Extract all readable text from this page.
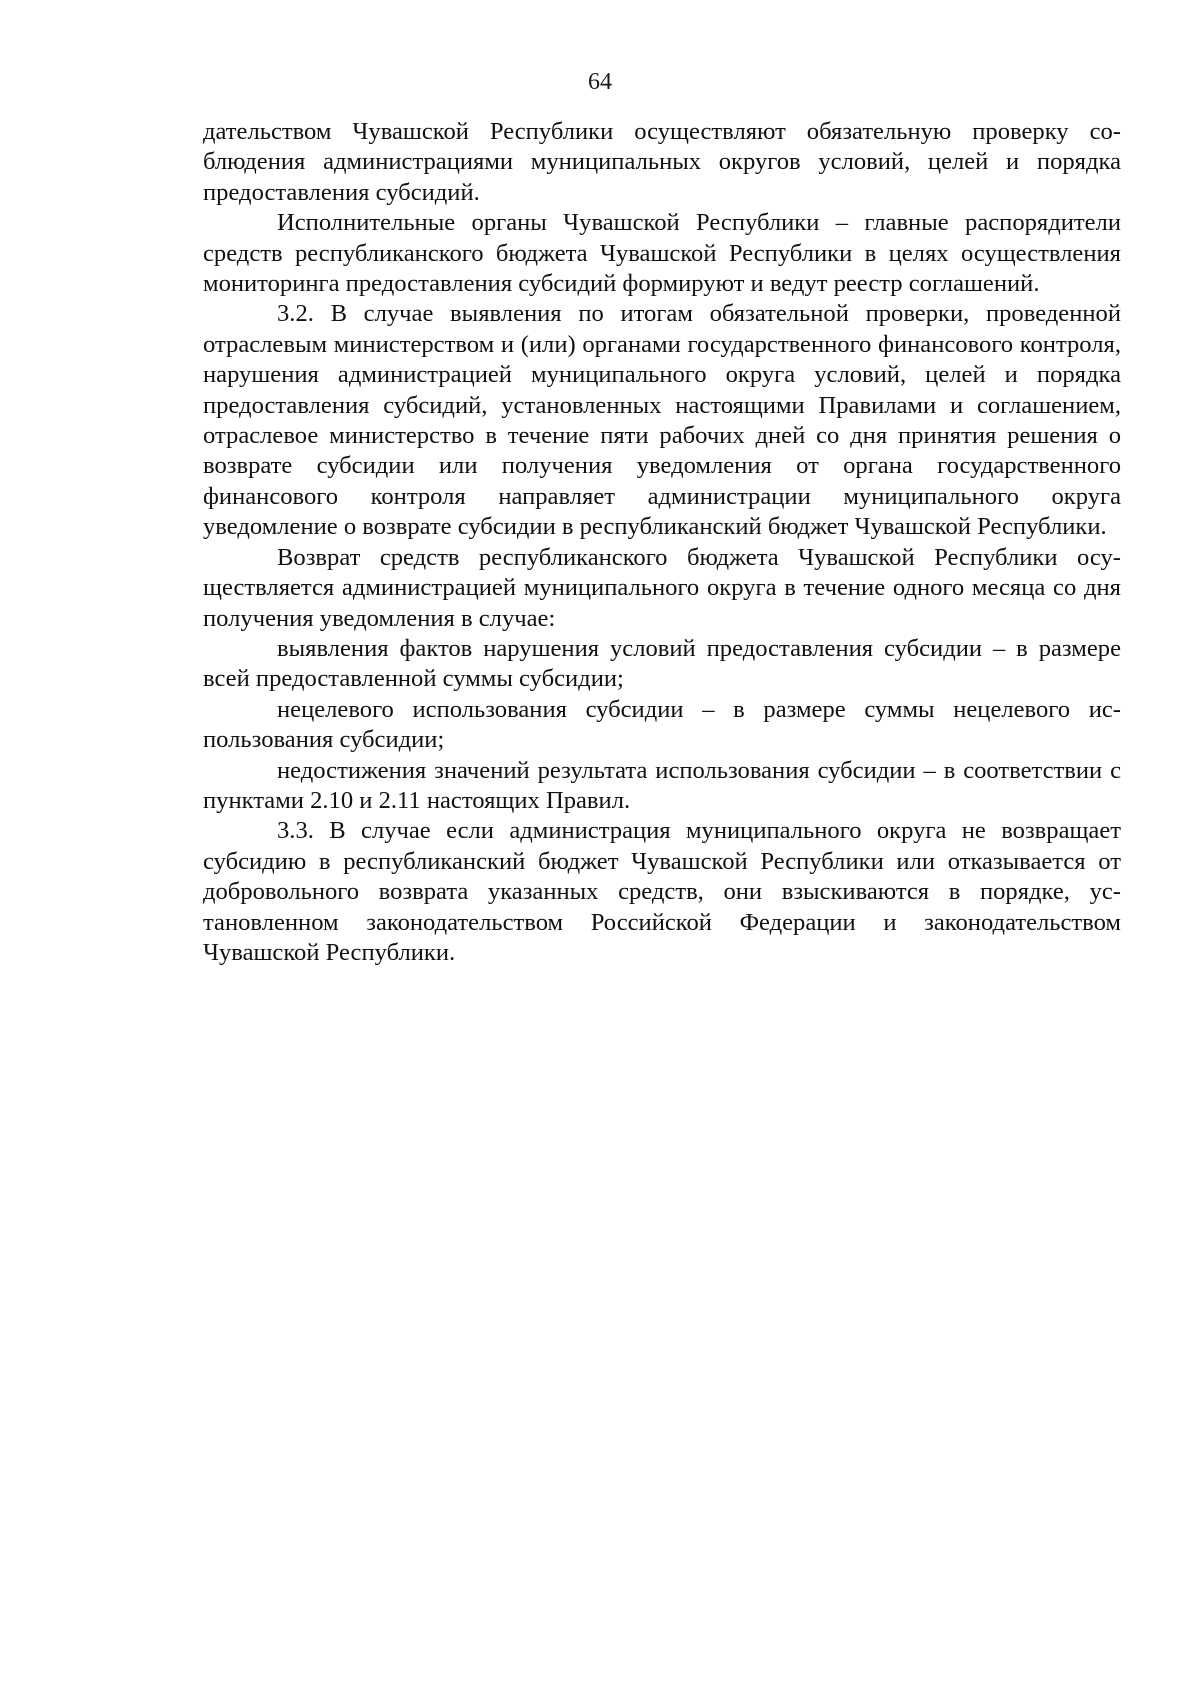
64

дательством Чувашской Республики осуществляют обязательную проверку соблюдения администрациями муниципальных округов условий, целей и порядка предоставления субсидий.

Исполнительные органы Чувашской Республики – главные распорядители средств республиканского бюджета Чувашской Республики в целях осуществления мониторинга предоставления субсидий формируют и ведут реестр соглашений.

3.2. В случае выявления по итогам обязательной проверки, проведенной отраслевым министерством и (или) органами государственного финансового контроля, нарушения администрацией муниципального округа условий, целей и порядка предоставления субсидий, установленных настоящими Правилами и соглашением, отраслевое министерство в течение пяти рабочих дней со дня принятия решения о возврате субсидии или получения уведомления от органа государственного финансового контроля направляет администрации муниципального округа уведомление о возврате субсидии в республиканский бюджет Чувашской Республики.

Возврат средств республиканского бюджета Чувашской Республики осуществляется администрацией муниципального округа в течение одного месяца со дня получения уведомления в случае:

выявления фактов нарушения условий предоставления субсидии – в размере всей предоставленной суммы субсидии;

нецелевого использования субсидии – в размере суммы нецелевого использования субсидии;

недостижения значений результата использования субсидии – в соответствии с пунктами 2.10 и 2.11 настоящих Правил.

3.3. В случае если администрация муниципального округа не возвращает субсидию в республиканский бюджет Чувашской Республики или отказывается от добровольного возврата указанных средств, они взыскиваются в порядке, установленном законодательством Российской Федерации и законодательством Чувашской Республики.
